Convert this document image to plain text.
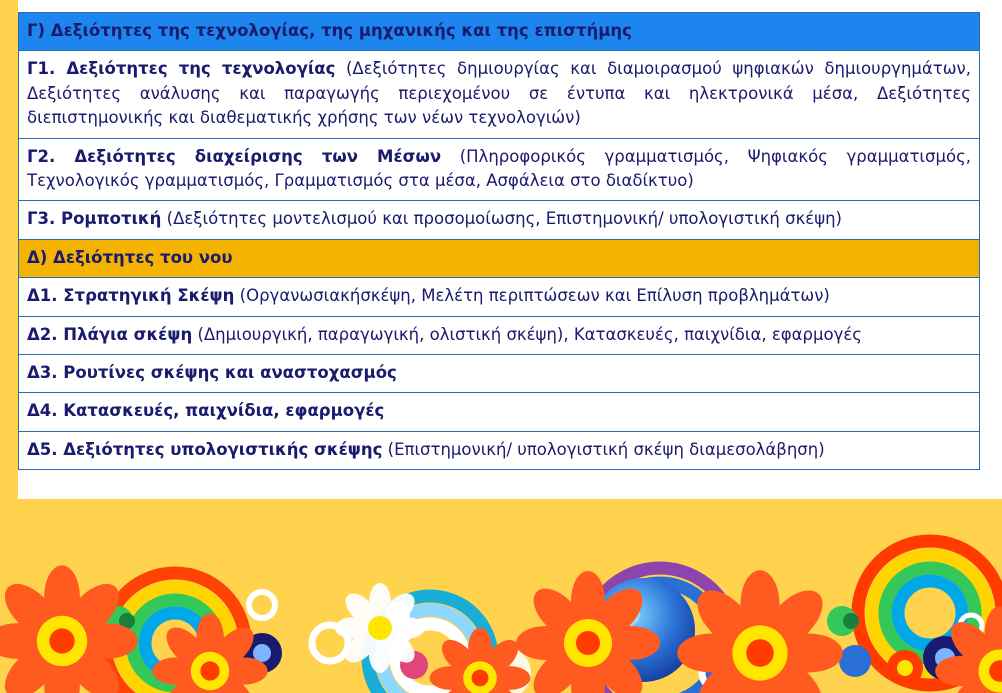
Γ) Δεξιότητες της τεχνολογίας, της μηχανικής και της επιστήμης
Γ1. Δεξιότητες της τεχνολογίας (Δεξιότητες δημιουργίας και διαμοιρασμού ψηφιακών δημιουργημάτων, Δεξιότητες ανάλυσης και παραγωγής περιεχομένου σε έντυπα και ηλεκτρονικά μέσα, Δεξιότητες διεπιστημονικής και διαθεματικής χρήσης των νέων τεχνολογιών)
Γ2. Δεξιότητες διαχείρισης των Μέσων (Πληροφορικός γραμματισμός, Ψηφιακός γραμματισμός, Τεχνολογικός γραμματισμός, Γραμματισμός στα μέσα, Ασφάλεια στο διαδίκτυο)
Γ3. Ρομποτική (Δεξιότητες μοντελισμού και προσομοίωσης, Επιστημονική/ υπολογιστική σκέψη)
Δ) Δεξιότητες του νου
Δ1. Στρατηγική Σκέψη (Οργανωσιακήσκέψη, Μελέτη περιπτώσεων και Επίλυση προβλημάτων)
Δ2. Πλάγια σκέψη (Δημιουργική, παραγωγική, ολιστική σκέψη), Κατασκευές, παιχνίδια, εφαρμογές
Δ3. Ρουτίνες σκέψης και αναστοχασμός
Δ4. Κατασκευές, παιχνίδια, εφαρμογές
Δ5. Δεξιότητες υπολογιστικής σκέψης (Επιστημονική/ υπολογιστική σκέψη διαμεσολάβηση)
